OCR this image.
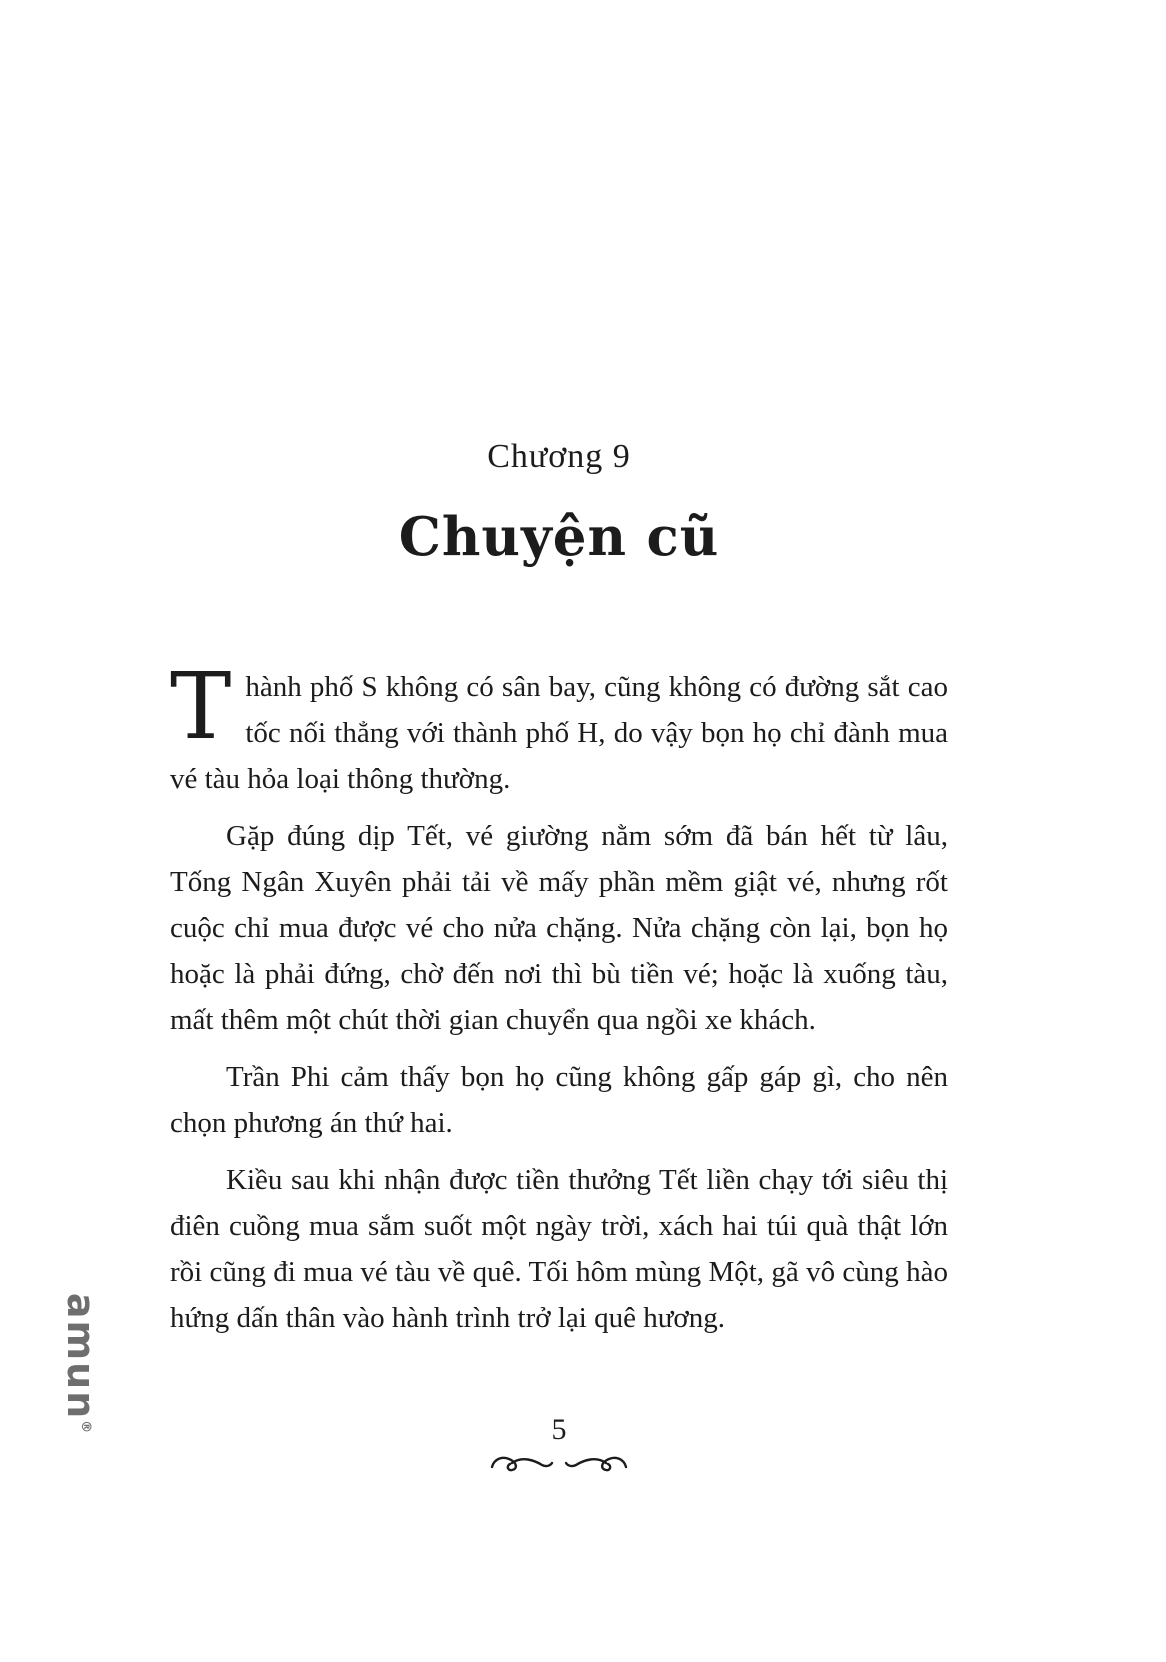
Chương 9
Chuyện cũ

Thành phố S không có sân bay, cũng không có đường sắt cao tốc nối thẳng với thành phố H, do vậy bọn họ chỉ đành mua vé tàu hỏa loại thông thường.

Gặp đúng dịp Tết, vé giường nằm sớm đã bán hết từ lâu, Tống Ngân Xuyên phải tải về mấy phần mềm giật vé, nhưng rốt cuộc chỉ mua được vé cho nửa chặng. Nửa chặng còn lại, bọn họ hoặc là phải đứng, chờ đến nơi thì bù tiền vé; hoặc là xuống tàu, mất thêm một chút thời gian chuyển qua ngồi xe khách.

Trần Phi cảm thấy bọn họ cũng không gấp gáp gì, cho nên chọn phương án thứ hai.

Kiều sau khi nhận được tiền thưởng Tết liền chạy tới siêu thị điên cuồng mua sắm suốt một ngày trời, xách hai túi quà thật lớn rồi cũng đi mua vé tàu về quê. Tối hôm mùng Một, gã vô cùng hào hứng dấn thân vào hành trình trở lại quê hương.

5
amun®
